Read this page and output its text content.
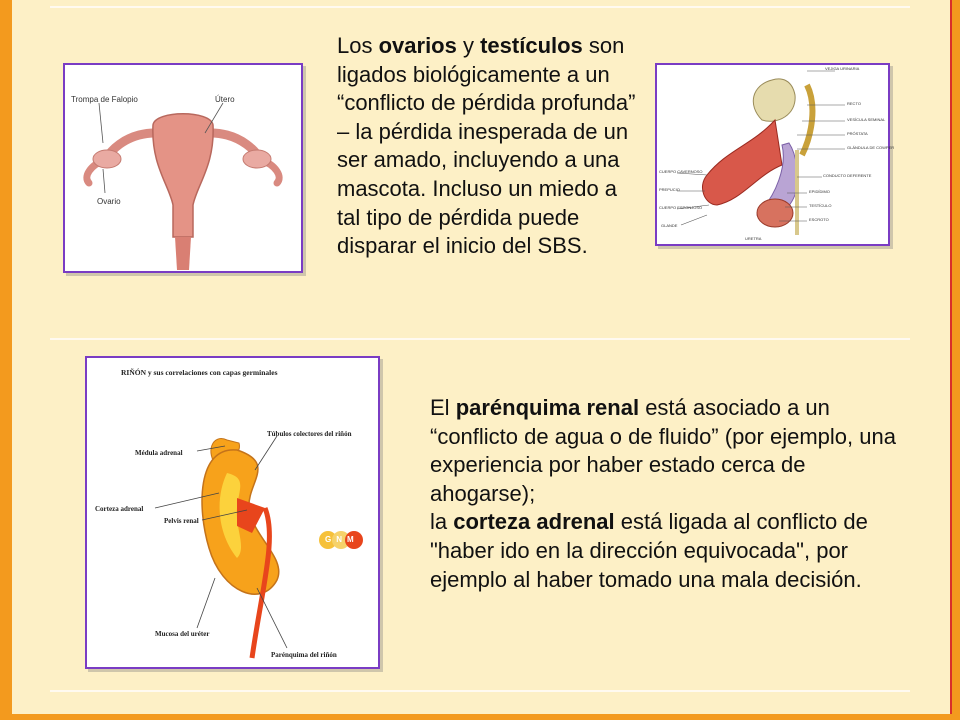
Trompa de Falopio	Útero
Ovario
Los ovarios y testículos son
ligados biológicamente a un
“conflicto de pérdida profunda”
– la pérdida inesperada de un
ser amado, incluyendo a una
mascota. Incluso un miedo a
tal tipo de pérdida puede
disparar el inicio del SBS.
VEJIGA URINARIA
RECTO
VESÍCULA SEMINAL
PRÓSTATA
GLÁNDULA DE COWPER
CONDUCTO DEFERENTE
EPIDÍDIMO
TESTÍCULO
ESCROTO
CUERPO CAVERNOSO
PREPUCIO
CUERPO ESPONJOSO
GLANDE
URETRA
RIÑÓN y sus correlaciones con capas germinales
Médula adrenal
Túbulos colectores del riñón
Corteza adrenal
Pelvis renal
Mucosa del uréter
Parénquima del riñón
GNM
El parénquima renal está asociado a un
“conflicto de agua o de fluido” (por ejemplo, una
experiencia por haber estado cerca de ahogarse);
la corteza adrenal está ligada al conflicto de
"haber ido en la dirección equivocada", por
ejemplo al haber tomado una mala decisión.
